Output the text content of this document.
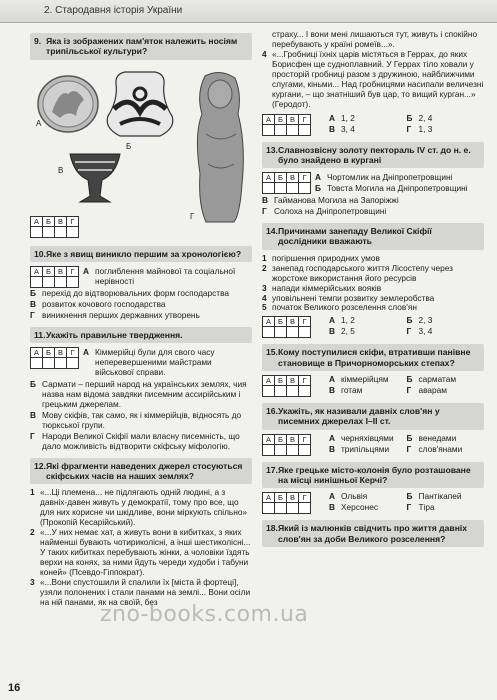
2. Стародавня історія України
9. Яка із зображених пам'яток належить носіям трипільської культури?
А
Б
В
Г
А	Б	В	Г

10. Яке з явищ виникло першим за хронологією?
А	Б	В	Г
			А поглиблення майнової та соціальної нерівності
Б перехід до відтворювальних форм господарства
В розвиток кочового господарства
Г виникнення перших державних утворень
11. Укажіть правильне твердження.
А	Б	В	Г
			А Кіммерійці були для свого часу неперевершеними майстрами військової справи.
Б Сармати – перший народ на українських землях, чия назва нам відома завдяки писемним ассирійським і грецьким джерелам.
В Мову скіфів, так само, як і кіммерійців, відносять до тюркської групи.
Г Народи Великої Скіфії мали власну писемність, що дало можливість відтворити скіфську міфологію.
12. Які фрагменти наведених джерел стосуються скіфських часів на наших землях?
1 «...Ці племена... не підлягають одній людині, а з давніх-давен живуть у демократії, тому про все, що для них корисне чи шкідливе, вони міркують спільно» (Прокопій Кесарійський).
2 «...У них немає хат, а живуть вони в кибитках, з яких найменші бувають чотириколісні, а інші шестиколісні... У таких кибитках перебувають жінки, а чоловіки їздять верхи на конях, за ними йдуть череди худоби і табуни коней» (Псевдо-Гіппократ).
3 «...Вони спустошили й спалили їх [міста й фортеці], узяли полонених і стали панами на землі... Вони осіли на ній панами, як на своїй, без
страху... І вони мені лишаються тут, живуть і спокійно перебувають у країні ромеїв...».
4 «...Гробниці їхніх царів містяться в Геррах, до яких Борисфен ще судноплавний. У Геррах тіло ховали у просторій гробниці разом з дружиною, найближчими слугами, кіньми... Над гробницями насипали величезні кургани, – що знатніший був цар, то вищий курган...» (Геродот).
А	Б	В	Г
				А 1, 2	Б 2, 4
В 3, 4	Г 1, 3
13. Славнозвісну золоту пектораль IV ст. до н. е. було знайдено в кургані
А	Б	В	Г
			А Чортомлик на Дніпропетровщині
Б Товста Могила на Дніпропетровщині
В Гайманова Могила на Запоріжжі
Г Солоха на Дніпропетровщині
14. Причинами занепаду Великої Скіфії дослідники вважають
1 погіршення природних умов
2 занепад господарського життя Лісостепу через жорстоке використання його ресурсів
3 напади кіммерійських вояків
4 уповільнені темпи розвитку землеробства
5 початок Великого розселення слов'ян
А	Б	В	Г
				А 1, 2	Б 2, 3
В 2, 5	Г 3, 4
15. Кому поступилися скіфи, втративши панівне становище в Причорноморських степах?
А	Б	В	Г
				А кіммерійцям	Б сарматам
В готам	Г аварам
16. Укажіть, як називали давніх слов'ян у писемних джерелах I–II ст.
А	Б	В	Г
				А черняхівцями	Б венедами
В трипільцями	Г слов'янами
17. Яке грецьке місто-колонія було розташоване на місці нинішньої Керчі?
А	Б	В	Г
				А Ольвія	Б Пантікапей
В Херсонес	Г Тіра
18. Який із малюнків свідчить про життя давніх слов'ян за доби Великого розселення?
znо-books.com.ua
16
